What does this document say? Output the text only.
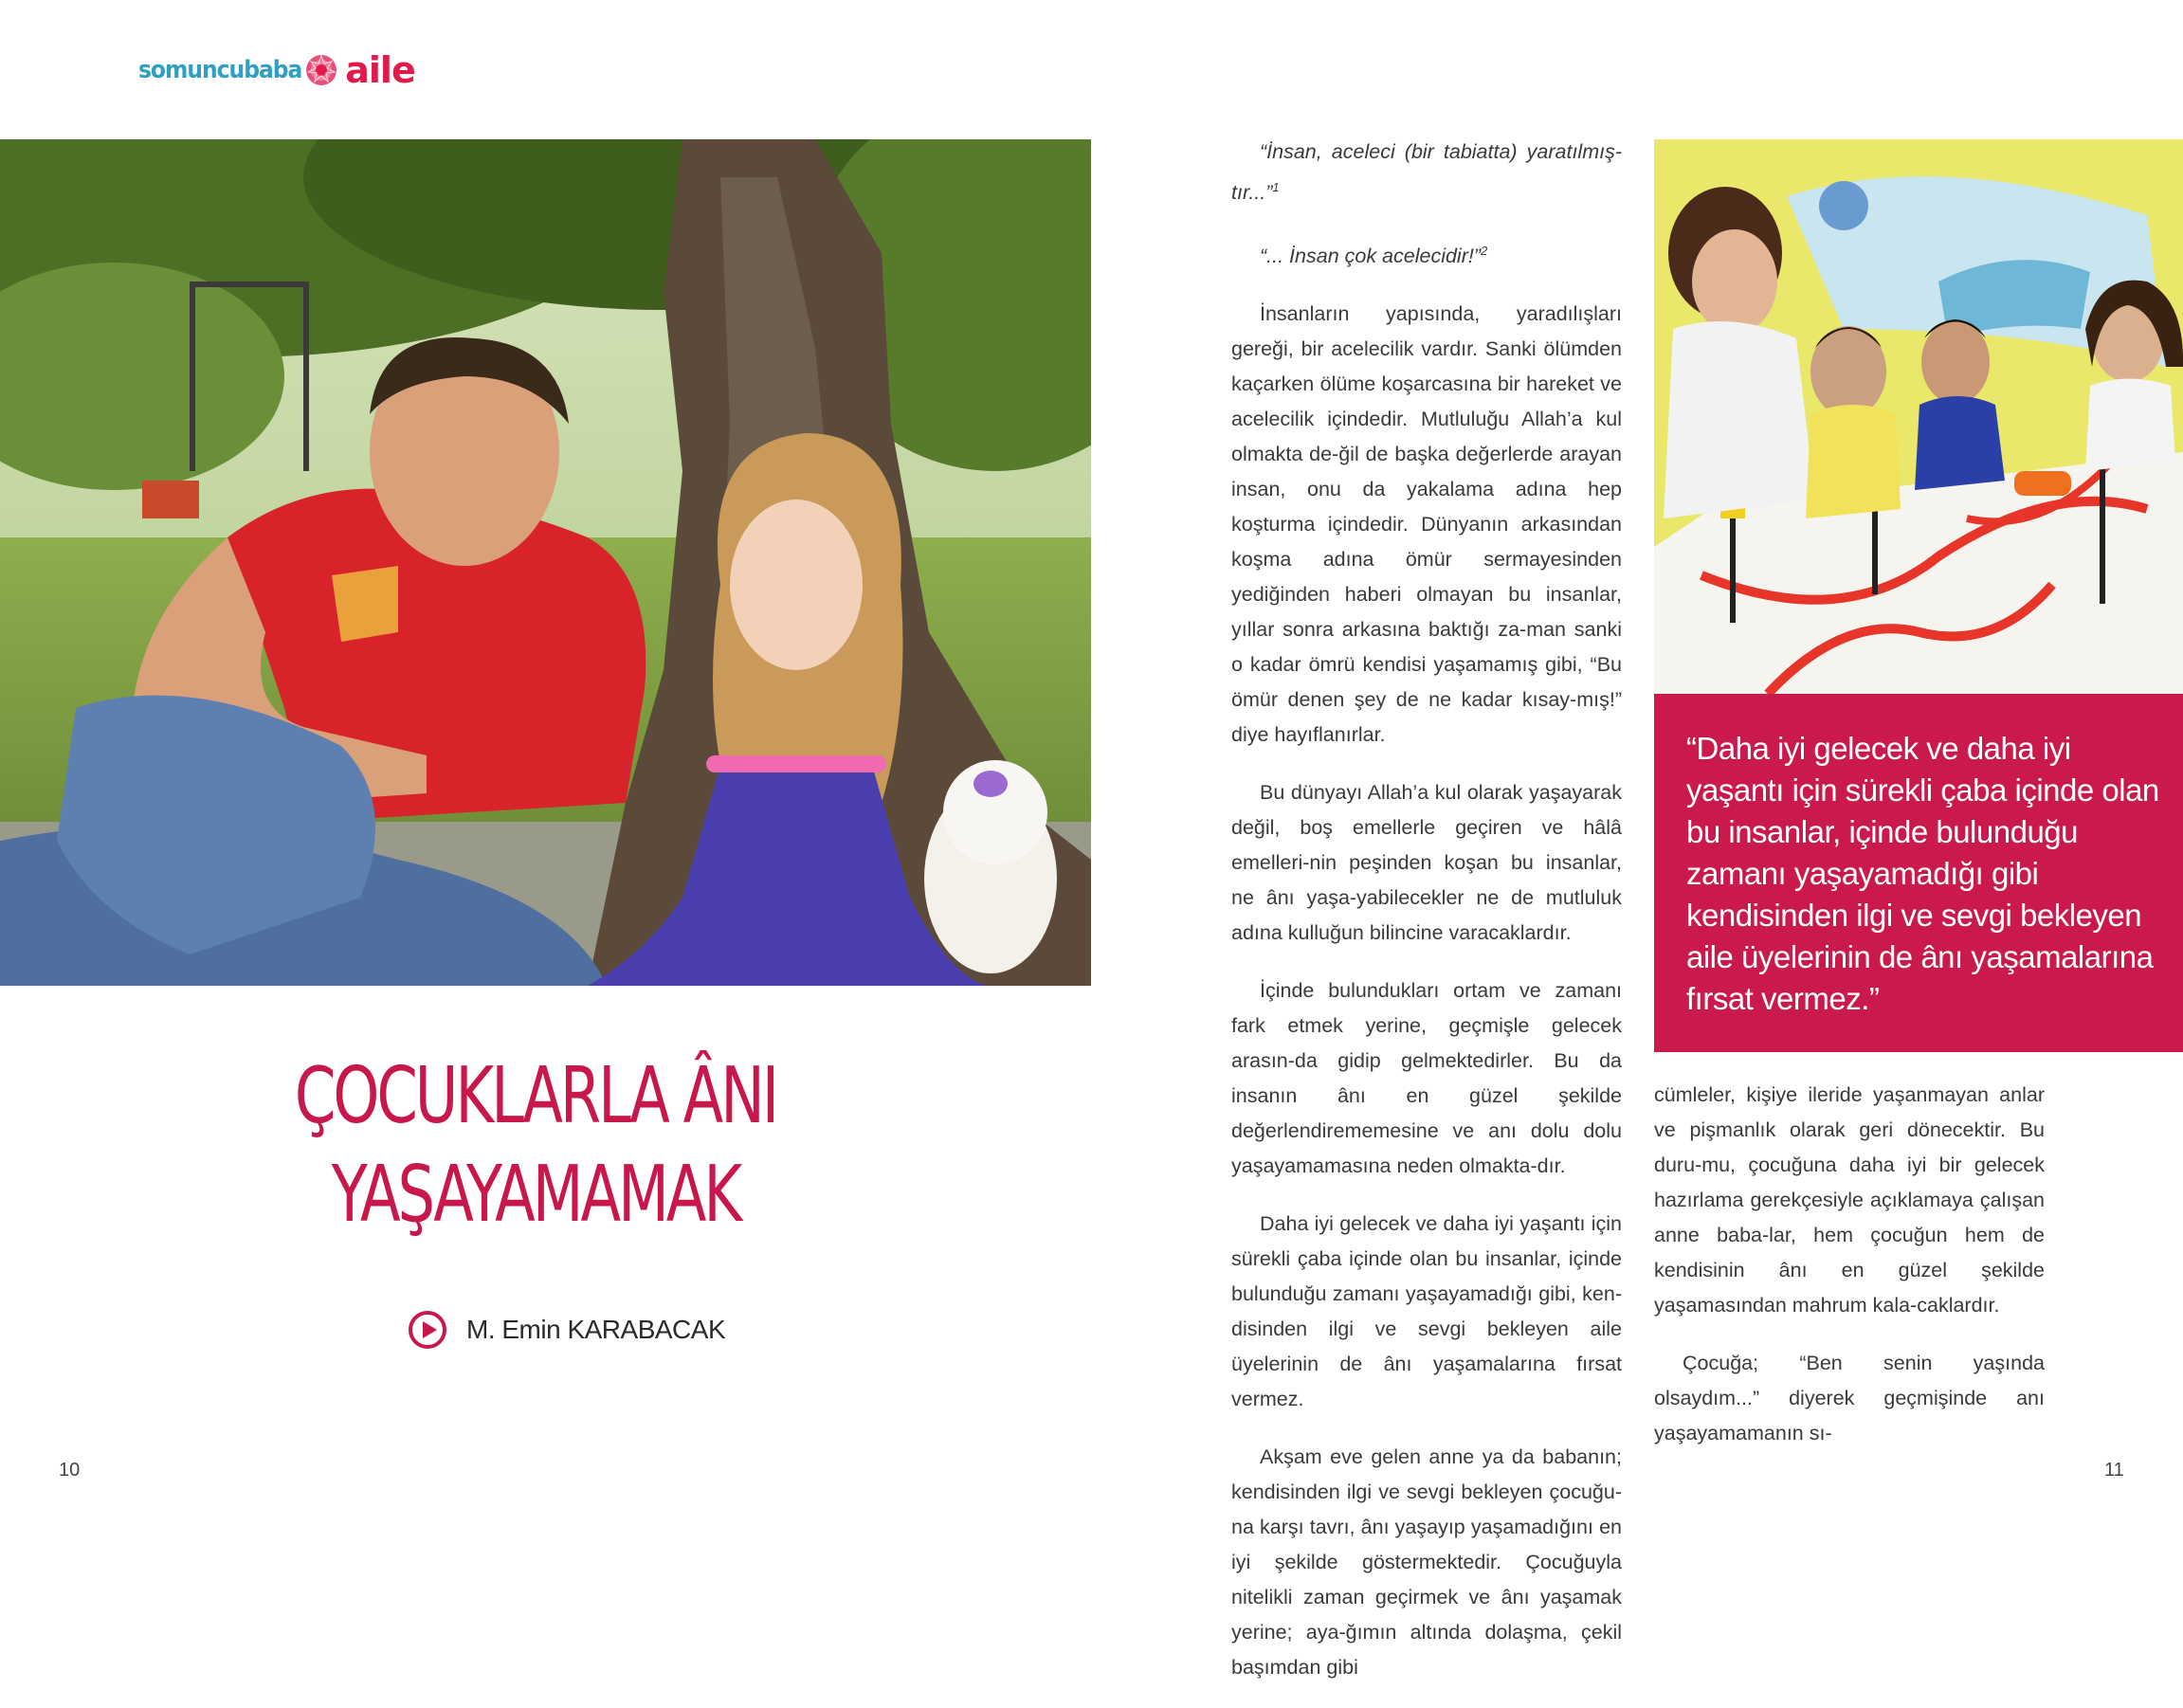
somuncubaba aile
ÇOCUKLARLA ÂNI
YAŞAYAMAMAK
M. Emin KARABACAK

“İnsan, aceleci (bir tabiatta) yaratılmış-tır...”$^1$

“... İnsan çok acelecidir!”$^2$

İnsanların yapısında, yaradılışları gereği, bir acelecilik vardır. Sanki ölümden kaçarken ölüme koşarcasına bir hareket ve acelecilik içindedir. Mutluluğu Allah’a kul olmakta de-ğil de başka değerlerde arayan insan, onu da yakalama adına hep koşturma içindedir. Dünyanın arkasından koşma adına ömür sermayesinden yediğinden haberi olmayan bu insanlar, yıllar sonra arkasına baktığı za-man sanki o kadar ömrü kendisi yaşamamış gibi, “Bu ömür denen şey de ne kadar kısay-mış!” diye hayıflanırlar.

Bu dünyayı Allah’a kul olarak yaşayarak değil, boş emellerle geçiren ve hâlâ emelleri-nin peşinden koşan bu insanlar, ne ânı yaşa-yabilecekler ne de mutluluk adına kulluğun bilincine varacaklardır.

İçinde bulundukları ortam ve zamanı fark etmek yerine, geçmişle gelecek arasın-da gidip gelmektedirler. Bu da insanın ânı en güzel şekilde değerlendirememesine ve anı dolu dolu yaşayamamasına neden olmakta-dır.

Daha iyi gelecek ve daha iyi yaşantı için sürekli çaba içinde olan bu insanlar, içinde bulunduğu zamanı yaşayamadığı gibi, ken-disinden ilgi ve sevgi bekleyen aile üyelerinin de ânı yaşamalarına fırsat vermez.

Akşam eve gelen anne ya da babanın; kendisinden ilgi ve sevgi bekleyen çocuğu-na karşı tavrı, ânı yaşayıp yaşamadığını en iyi şekilde göstermektedir. Çocuğuyla nitelikli zaman geçirmek ve ânı yaşamak yerine; aya-ğımın altında dolaşma, çekil başımdan gibi

“Daha iyi gelecek ve daha iyi yaşantı için sürekli çaba içinde olan bu insanlar, içinde bulunduğu zamanı yaşayamadığı gibi kendisinden ilgi ve sevgi bekleyen aile üyelerinin de ânı yaşamalarına fırsat vermez.”

cümleler, kişiye ileride yaşanmayan anlar ve pişmanlık olarak geri dönecektir. Bu duru-mu, çocuğuna daha iyi bir gelecek hazırlama gerekçesiyle açıklamaya çalışan anne baba-lar, hem çocuğun hem de kendisinin ânı en güzel şekilde yaşamasından mahrum kala-caklardır.

Çocuğa; “Ben senin yaşında olsaydım...” diyerek geçmişinde anı yaşayamamanın sı-

10	11
